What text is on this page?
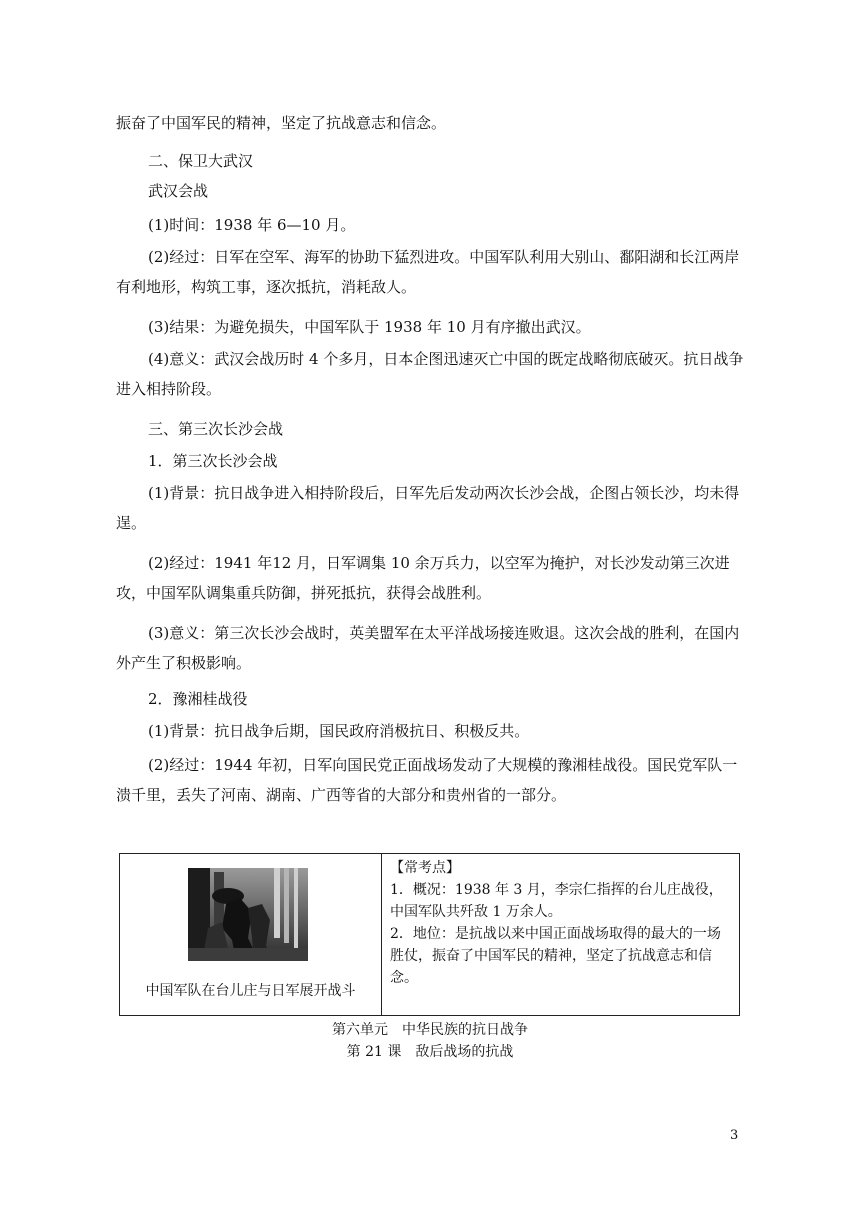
振奋了中国军民的精神，坚定了抗战意志和信念。

二、保卫大武汉

武汉会战

(1)时间：1938 年 6—10 月。

(2)经过：日军在空军、海军的协助下猛烈进攻。中国军队利用大别山、鄱阳湖和长江两岸有利地形，构筑工事，逐次抵抗，消耗敌人。

(3)结果：为避免损失，中国军队于 1938 年 10 月有序撤出武汉。

(4)意义：武汉会战历时 4 个多月，日本企图迅速灭亡中国的既定战略彻底破灭。抗日战争进入相持阶段。

三、第三次长沙会战

1．第三次长沙会战

(1)背景：抗日战争进入相持阶段后，日军先后发动两次长沙会战，企图占领长沙，均未得逞。

(2)经过：1941 年12 月，日军调集 10 余万兵力，以空军为掩护，对长沙发动第三次进攻，中国军队调集重兵防御，拼死抵抗，获得会战胜利。

(3)意义：第三次长沙会战时，英美盟军在太平洋战场接连败退。这次会战的胜利，在国内外产生了积极影响。

2．豫湘桂战役

(1)背景：抗日战争后期，国民政府消极抗日、积极反共。

(2)经过：1944 年初，日军向国民党正面战场发动了大规模的豫湘桂战役。国民党军队一溃千里，丢失了河南、湖南、广西等省的大部分和贵州省的一部分。

中国军队在台儿庄与日军展开战斗
【常考点】
1．概况：1938 年 3 月，李宗仁指挥的台儿庄战役，中国军队共歼敌 1 万余人。
2．地位：是抗战以来中国正面战场取得的最大的一场胜仗，振奋了中国军民的精神，坚定了抗战意志和信念。
第六单元　中华民族的抗日战争
第 21 课　敌后战场的抗战
3
